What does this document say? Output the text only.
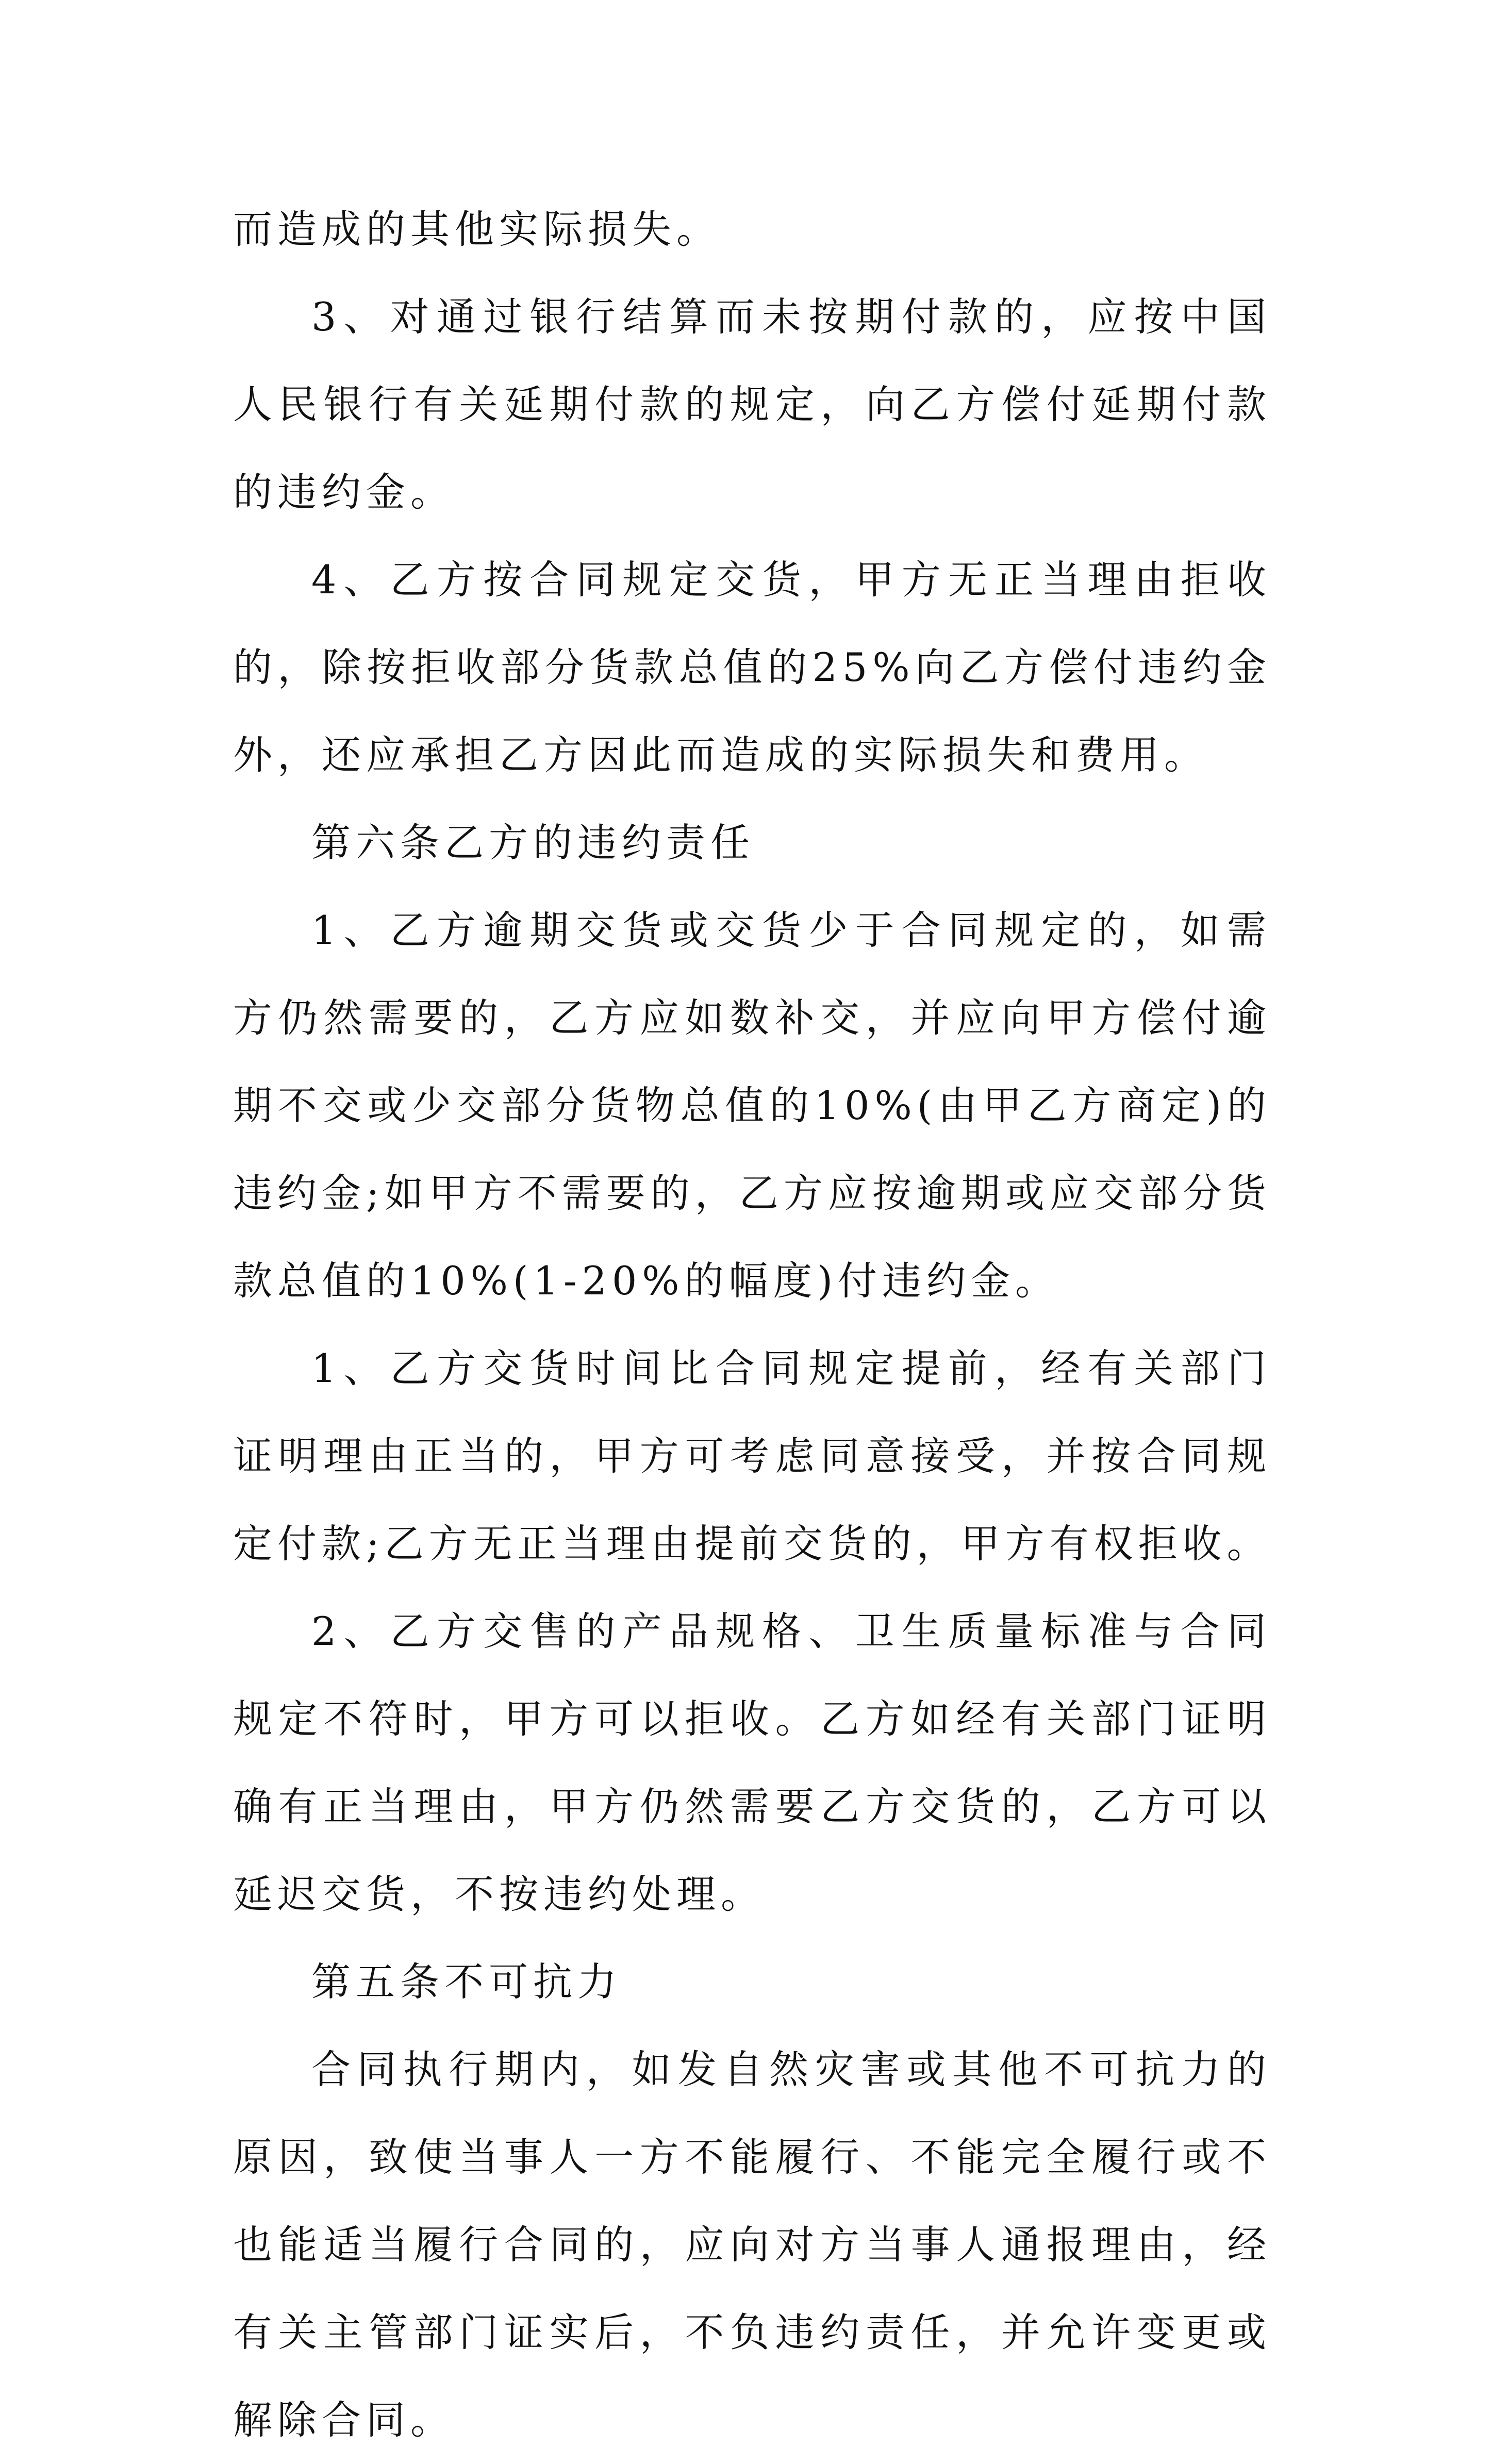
而造成的其他实际损失。

3、对通过银行结算而未按期付款的，应按中国人民银行有关延期付款的规定，向乙方偿付延期付款的违约金。

4、乙方按合同规定交货，甲方无正当理由拒收的，除按拒收部分货款总值的25%向乙方偿付违约金外，还应承担乙方因此而造成的实际损失和费用。

第六条乙方的违约责任

1、乙方逾期交货或交货少于合同规定的，如需方仍然需要的，乙方应如数补交，并应向甲方偿付逾期不交或少交部分货物总值的10%(由甲乙方商定)的违约金;如甲方不需要的，乙方应按逾期或应交部分货款总值的10%(1-20%的幅度)付违约金。

1、乙方交货时间比合同规定提前，经有关部门证明理由正当的，甲方可考虑同意接受，并按合同规定付款;乙方无正当理由提前交货的，甲方有权拒收。

2、乙方交售的产品规格、卫生质量标准与合同规定不符时，甲方可以拒收。乙方如经有关部门证明确有正当理由，甲方仍然需要乙方交货的，乙方可以延迟交货，不按违约处理。

第五条不可抗力

合同执行期内，如发自然灾害或其他不可抗力的原因，致使当事人一方不能履行、不能完全履行或不也能适当履行合同的，应向对方当事人通报理由，经有关主管部门证实后，不负违约责任，并允许变更或解除合同。
